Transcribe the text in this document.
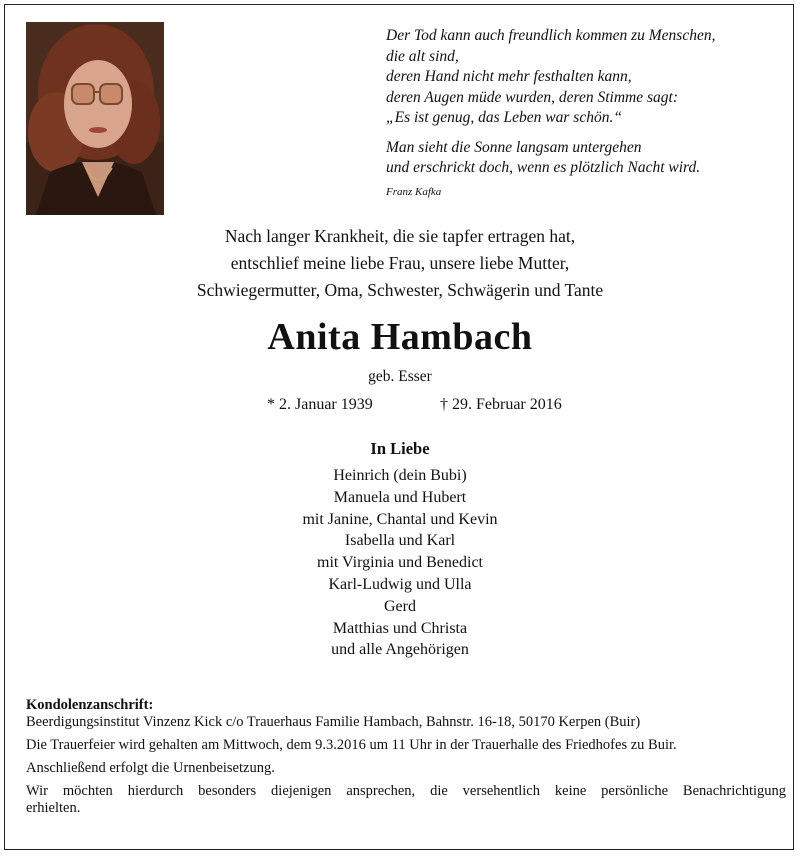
Der Tod kann auch freundlich kommen zu Menschen,
die alt sind,
deren Hand nicht mehr festhalten kann,
deren Augen müde wurden, deren Stimme sagt:
„Es ist genug, das Leben war schön.“
Man sieht die Sonne langsam untergehen
und erschrickt doch, wenn es plötzlich Nacht wird.
Franz Kafka
Nach langer Krankheit, die sie tapfer ertragen hat,
entschlief meine liebe Frau, unsere liebe Mutter,
Schwiegermutter, Oma, Schwester, Schwägerin und Tante
Anita Hambach
geb. Esser
* 2. Januar 1939	† 29. Februar 2016
In Liebe
Heinrich (dein Bubi)
Manuela und Hubert
mit Janine, Chantal und Kevin
Isabella und Karl
mit Virginia und Benedict
Karl-Ludwig und Ulla
Gerd
Matthias und Christa
und alle Angehörigen
Kondolenzanschrift:

Beerdigungsinstitut Vinzenz Kick c/o Trauerhaus Familie Hambach, Bahnstr. 16-18, 50170 Kerpen (Buir)

Die Trauerfeier wird gehalten am Mittwoch, dem 9.3.2016 um 11 Uhr in der Trauerhalle des Friedhofes zu Buir.

Anschließend erfolgt die Urnenbeisetzung.

Wir möchten hierdurch besonders diejenigen ansprechen, die versehentlich keine persönliche Benachrichtigung

erhielten.
